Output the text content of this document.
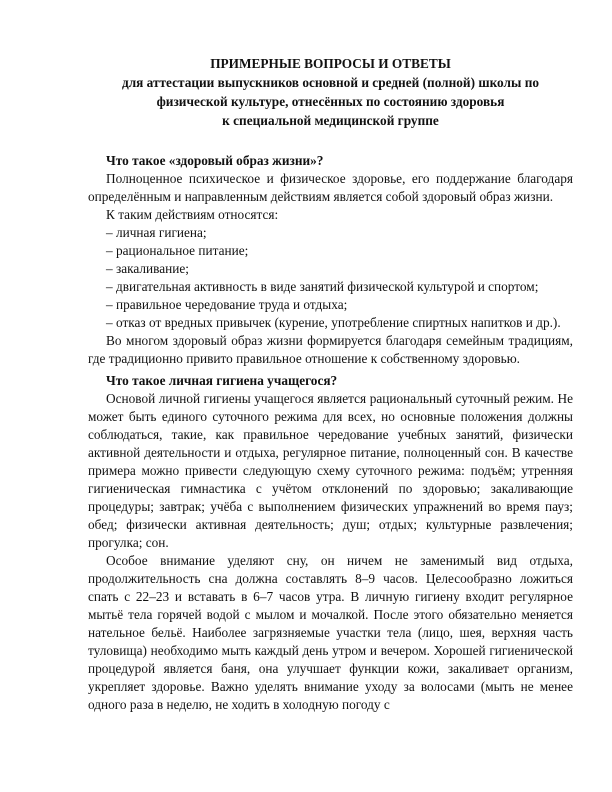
ПРИМЕРНЫЕ ВОПРОСЫ И ОТВЕТЫ

для аттестации выпускников основной и средней (полной) школы по

физической культуре, отнесённых по состоянию здоровья

к специальной медицинской группе

Что такое «здоровый образ жизни»?

Полноценное психическое и физическое здоровье, его поддержание благодаря определённым и направленным действиям является собой здоровый образ жизни.

К таким действиям относятся:

– личная гигиена;

– рациональное питание;

– закаливание;

– двигательная активность в виде занятий физической культурой и спортом;

– правильное чередование труда и отдыха;

– отказ от вредных привычек (курение, употребление спиртных напитков и др.).

Во многом здоровый образ жизни формируется благодаря семейным традициям, где традиционно привито правильное отношение к собственному здоровью.

Что такое личная гигиена учащегося?

Основой личной гигиены учащегося является рациональный суточный режим. Не может быть единого суточного режима для всех, но основные положения должны соблюдаться, такие, как правильное чередование учебных занятий, физически активной деятельности и отдыха, регулярное питание, полноценный сон. В качестве примера можно привести следующую схему суточного режима: подъём; утренняя гигиеническая гимнастика с учётом отклонений по здоровью; закаливающие процедуры; завтрак; учёба с выполнением физических упражнений во время пауз; обед; физически активная деятельность; душ; отдых; культурные развлечения; прогулка; сон.

Особое внимание уделяют сну, он ничем не заменимый вид отдыха, продолжительность сна должна составлять 8–9 часов. Целесообразно ложиться спать с 22–23 и вставать в 6–7 часов утра. В личную гигиену входит регулярное мытьё тела горячей водой с мылом и мочалкой. После этого обязательно меняется нательное бельё. Наиболее загрязняемые участки тела (лицо, шея, верхняя часть туловища) необходимо мыть каждый день утром и вечером. Хорошей гигиенической процедурой является баня, она улучшает функции кожи, закаливает организм, укрепляет здоровье. Важно уделять внимание уходу за волосами (мыть не менее одного раза в неделю, не ходить в холодную погоду с
